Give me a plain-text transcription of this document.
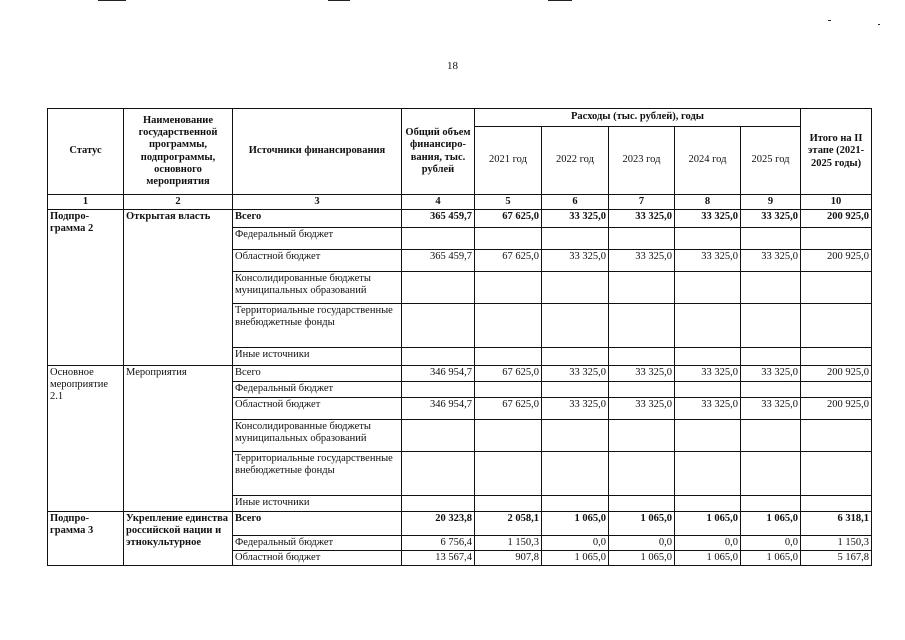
18
Статус	Наименование государственной программы, подпрограммы, основного мероприятия	Источники финансирования	Общий объем финансиро-вания, тыс. рублей	Расходы (тыс. рублей), годы					Итого на II этапе (2021-2025 годы)
				2021 год	2022 год	2023 год	2024 год	2025 год	
1	2	3	4	5	6	7	8	9	10
Подпро-грамма 2	Открытая власть	Всего	365 459,7	67 625,0	33 325,0	33 325,0	33 325,0	33 325,0	200 925,0
		Федеральный бюджет							
		Областной бюджет	365 459,7	67 625,0	33 325,0	33 325,0	33 325,0	33 325,0	200 925,0
		Консолидированные бюджеты муниципальных образований							
		Территориальные государственные внебюджетные фонды							
		Иные источники							
Основное мероприятие 2.1	Мероприятия	Всего	346 954,7	67 625,0	33 325,0	33 325,0	33 325,0	33 325,0	200 925,0
		Федеральный бюджет							
		Областной бюджет	346 954,7	67 625,0	33 325,0	33 325,0	33 325,0	33 325,0	200 925,0
		Консолидированные бюджеты муниципальных образований							
		Территориальные государственные внебюджетные фонды							
		Иные источники							
Подпро-грамма 3	Укрепление единства российской нации и этнокультурное	Всего	20 323,8	2 058,1	1 065,0	1 065,0	1 065,0	1 065,0	6 318,1
		Федеральный бюджет	6 756,4	1 150,3	0,0	0,0	0,0	0,0	1 150,3
		Областной бюджет	13 567,4	907,8	1 065,0	1 065,0	1 065,0	1 065,0	5 167,8
